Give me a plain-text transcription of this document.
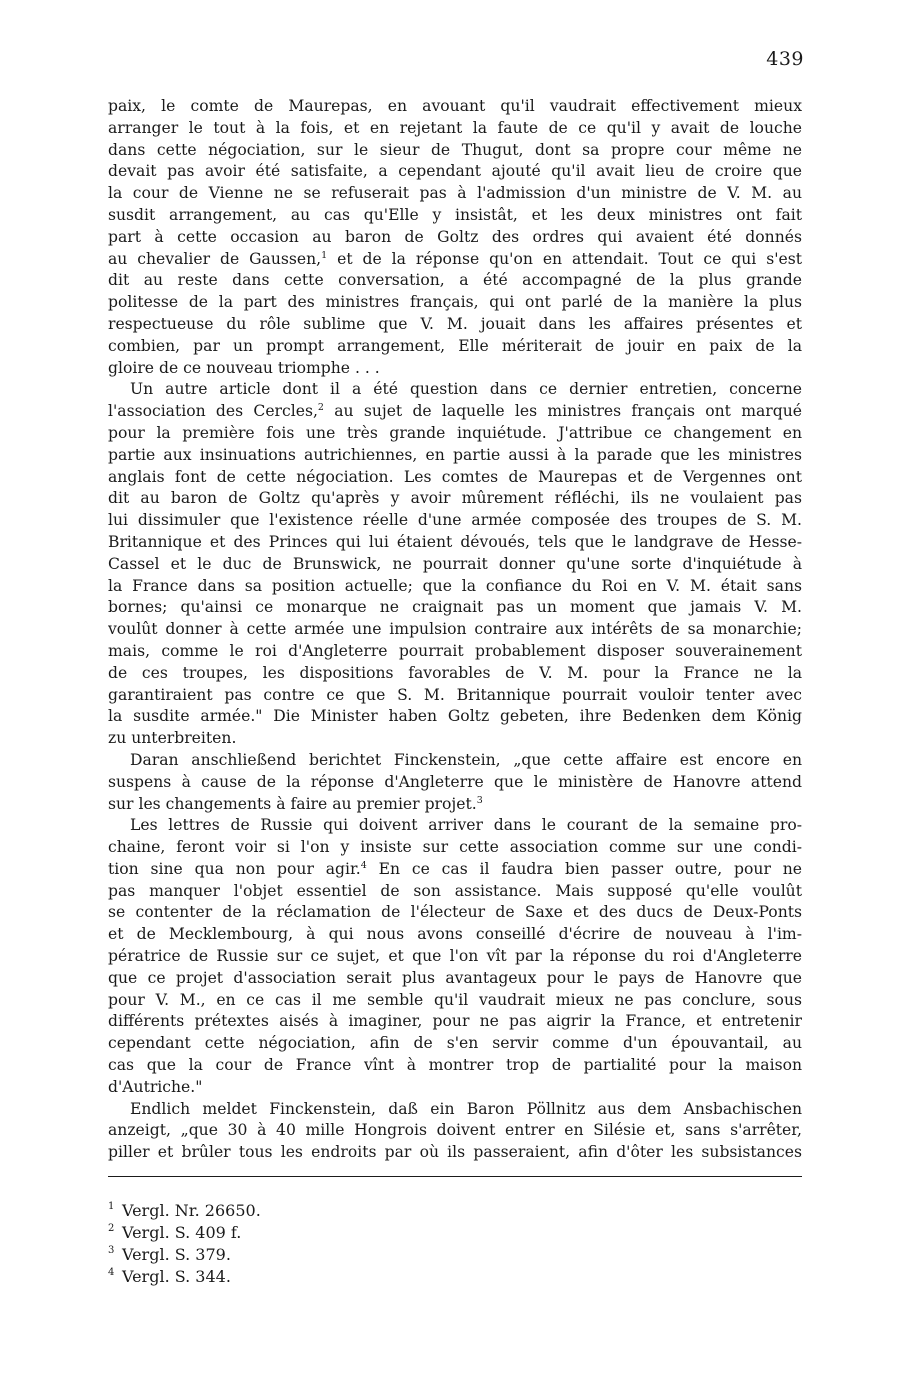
439
paix, le comte de Maurepas, en avouant qu'il vaudrait effectivement mieux
arranger le tout à la fois, et en rejetant la faute de ce qu'il y avait de louche
dans cette négociation, sur le sieur de Thugut, dont sa propre cour même ne
devait pas avoir été satisfaite, a cependant ajouté qu'il avait lieu de croire que
la cour de Vienne ne se refuserait pas à l'admission d'un ministre de V. M. au
susdit arrangement, au cas qu'Elle y insistât, et les deux ministres ont fait
part à cette occasion au baron de Goltz des ordres qui avaient été donnés
au chevalier de Gaussen,$^1$ et de la réponse qu'on en attendait. Tout ce qui s'est
dit au reste dans cette conversation, a été accompagné de la plus grande
politesse de la part des ministres français, qui ont parlé de la manière la plus
respectueuse du rôle sublime que V. M. jouait dans les affaires présentes et
combien, par un prompt arrangement, Elle mériterait de jouir en paix de la
gloire de ce nouveau triomphe . . .
Un autre article dont il a été question dans ce dernier entretien, concerne
l'association des Cercles,$^2$ au sujet de laquelle les ministres français ont marqué
pour la première fois une très grande inquiétude. J'attribue ce changement en
partie aux insinuations autrichiennes, en partie aussi à la parade que les ministres
anglais font de cette négociation. Les comtes de Maurepas et de Vergennes ont
dit au baron de Goltz qu'après y avoir mûrement réfléchi, ils ne voulaient pas
lui dissimuler que l'existence réelle d'une armée composée des troupes de S. M.
Britannique et des Princes qui lui étaient dévoués, tels que le landgrave de Hesse-
Cassel et le duc de Brunswick, ne pourrait donner qu'une sorte d'inquiétude à
la France dans sa position actuelle; que la confiance du Roi en V. M. était sans
bornes; qu'ainsi ce monarque ne craignait pas un moment que jamais V. M.
voulût donner à cette armée une impulsion contraire aux intérêts de sa monarchie;
mais, comme le roi d'Angleterre pourrait probablement disposer souverainement
de ces troupes, les dispositions favorables de V. M. pour la France ne la
garantiraient pas contre ce que S. M. Britannique pourrait vouloir tenter avec
la susdite armée." Die Minister haben Goltz gebeten, ihre Bedenken dem König
zu unterbreiten.
Daran anschließend berichtet Finckenstein, „que cette affaire est encore en
suspens à cause de la réponse d'Angleterre que le ministère de Hanovre attend
sur les changements à faire au premier projet.$^3$
Les lettres de Russie qui doivent arriver dans le courant de la semaine pro-
chaine, feront voir si l'on y insiste sur cette association comme sur une condi-
tion sine qua non pour agir.$^4$ En ce cas il faudra bien passer outre, pour ne
pas manquer l'objet essentiel de son assistance. Mais supposé qu'elle voulût
se contenter de la réclamation de l'électeur de Saxe et des ducs de Deux-Ponts
et de Mecklembourg, à qui nous avons conseillé d'écrire de nouveau à l'im-
pératrice de Russie sur ce sujet, et que l'on vît par la réponse du roi d'Angleterre
que ce projet d'association serait plus avantageux pour le pays de Hanovre que
pour V. M., en ce cas il me semble qu'il vaudrait mieux ne pas conclure, sous
différents prétextes aisés à imaginer, pour ne pas aigrir la France, et entretenir
cependant cette négociation, afin de s'en servir comme d'un épouvantail, au
cas que la cour de France vînt à montrer trop de partialité pour la maison
d'Autriche."
Endlich meldet Finckenstein, daß ein Baron Pöllnitz aus dem Ansbachischen
anzeigt, „que 30 à 40 mille Hongrois doivent entrer en Silésie et, sans s'arrêter,
piller et brûler tous les endroits par où ils passeraient, afin d'ôter les subsistances
1 Vergl. Nr. 26650.
2 Vergl. S. 409 f.
3 Vergl. S. 379.
4 Vergl. S. 344.
